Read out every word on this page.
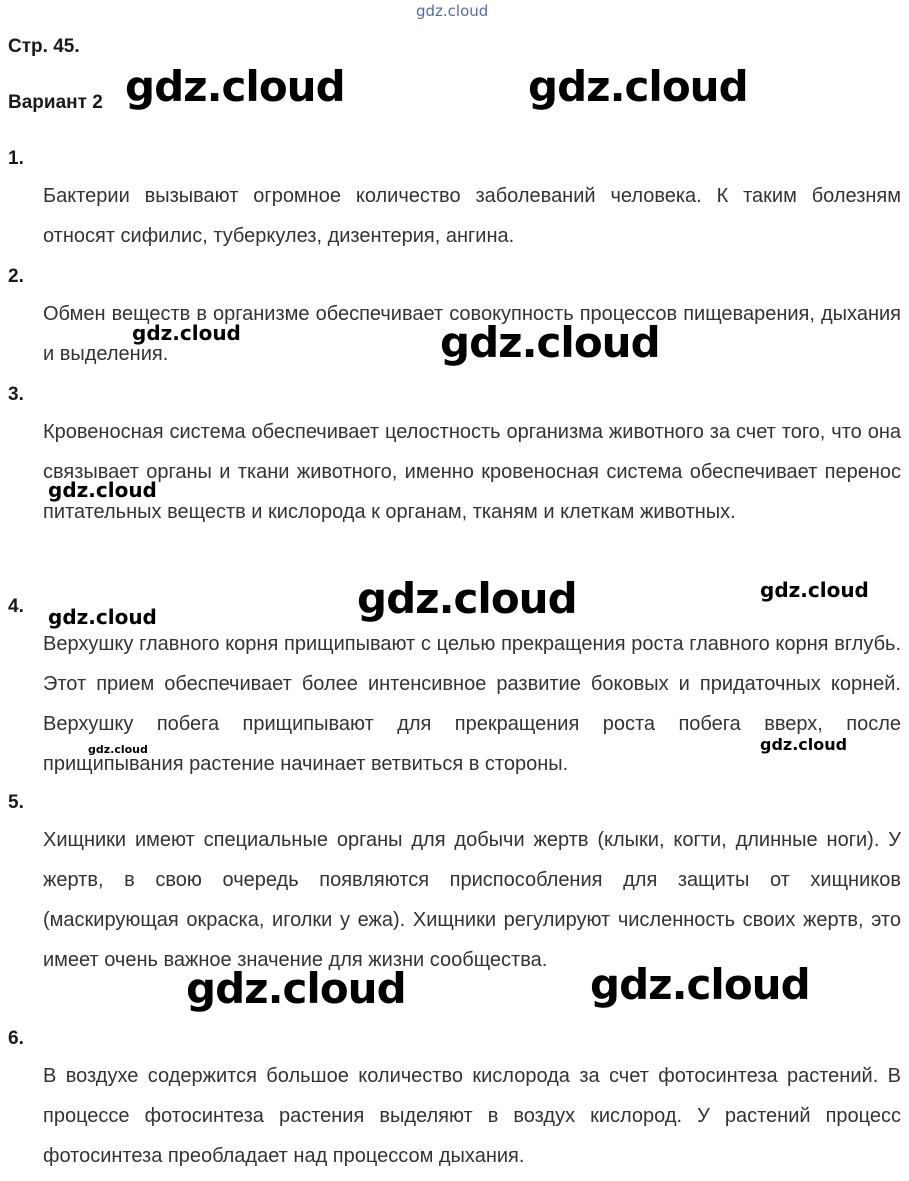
Стр. 45.
Вариант 2
1.

Бактерии вызывают огромное количество заболеваний человека. К таким болезням относят сифилис, туберкулез, дизентерия, ангина.

2.

Обмен веществ в организме обеспечивает совокупность процессов пищеварения, дыхания и выделения.

3.

Кровеносная система обеспечивает целостность организма животного за счет того, что она связывает органы и ткани животного, именно кровеносная система обеспечивает перенос питательных веществ и кислорода к органам, тканям и клеткам животных.

4.

Верхушку главного корня прищипывают с целью прекращения роста главного корня вглубь. Этот прием обеспечивает более интенсивное развитие боковых и придаточных корней. Верхушку побега прищипывают для прекращения роста побега вверх, после прищипывания растение начинает ветвиться в стороны.

5.

Хищники имеют специальные органы для добычи жертв (клыки, когти, длинные ноги). У жертв, в свою очередь появляются приспособления для защиты от хищников (маскирующая окраска, иголки у ежа). Хищники регулируют численность своих жертв, это имеет очень важное значение для жизни сообщества.

6.

В воздухе содержится большое количество кислорода за счет фотосинтеза растений. В процессе фотосинтеза растения выделяют в воздух кислород. У растений процесс фотосинтеза преобладает над процессом дыхания.

gdz.cloud
gdz.cloud	gdz.cloud
gdz.cloud	gdz.cloud
gdz.cloud
gdz.cloud	gdz.cloud
gdz.cloud
gdz.cloud	gdz.cloud
gdz.cloud	gdz.cloud
